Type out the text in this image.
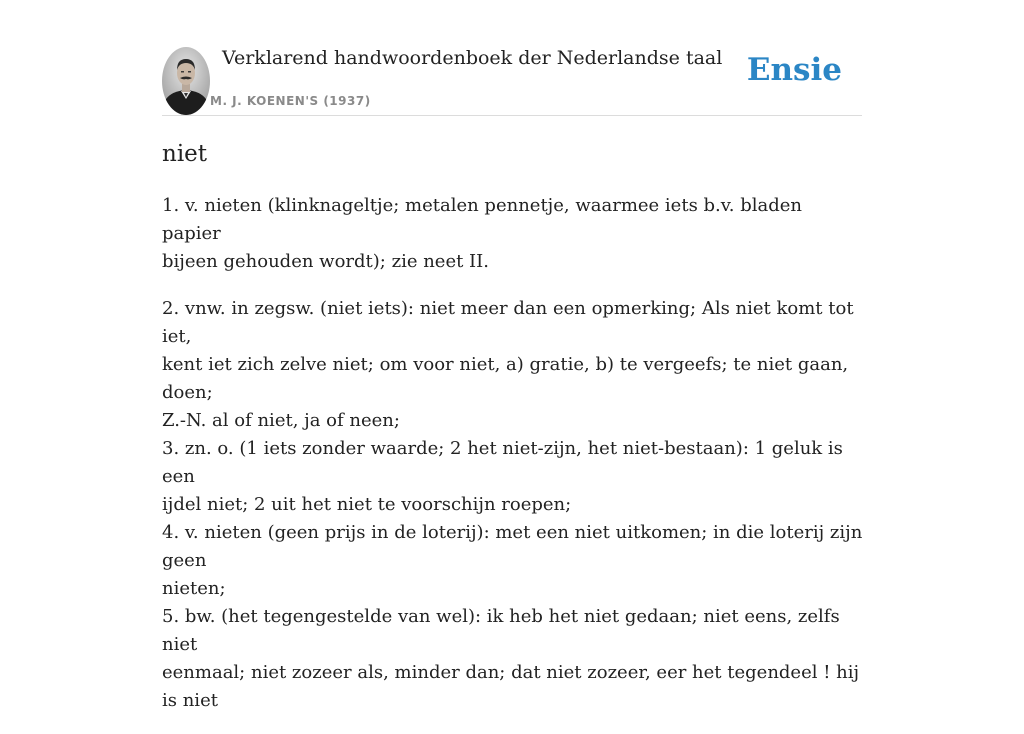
Verklarend handwoordenboek der Nederlandse taal
M. J. KOENEN'S (1937)
Ensie
niet

1. v. nieten (klinknageltje; metalen pennetje, waarmee iets b.v. bladen papier
bijeen gehouden wordt); zie neet II.

2. vnw. in zegsw. (niet iets): niet meer dan een opmerking; Als niet komt tot iet,
kent iet zich zelve niet; om voor niet, a) gratie, b) te vergeefs; te niet gaan, doen;
Z.-N. al of niet, ja of neen;
3. zn. o. (1 iets zonder waarde; 2 het niet-zijn, het niet-bestaan): 1 geluk is een
ijdel niet; 2 uit het niet te voorschijn roepen;
4. v. nieten (geen prijs in de loterij): met een niet uitkomen; in die loterij zijn geen
nieten;
5. bw. (het tegengestelde van wel): ik heb het niet gedaan; niet eens, zelfs niet
eenmaal; niet zozeer als, minder dan; dat niet zozeer, eer het tegendeel ! hij is niet
